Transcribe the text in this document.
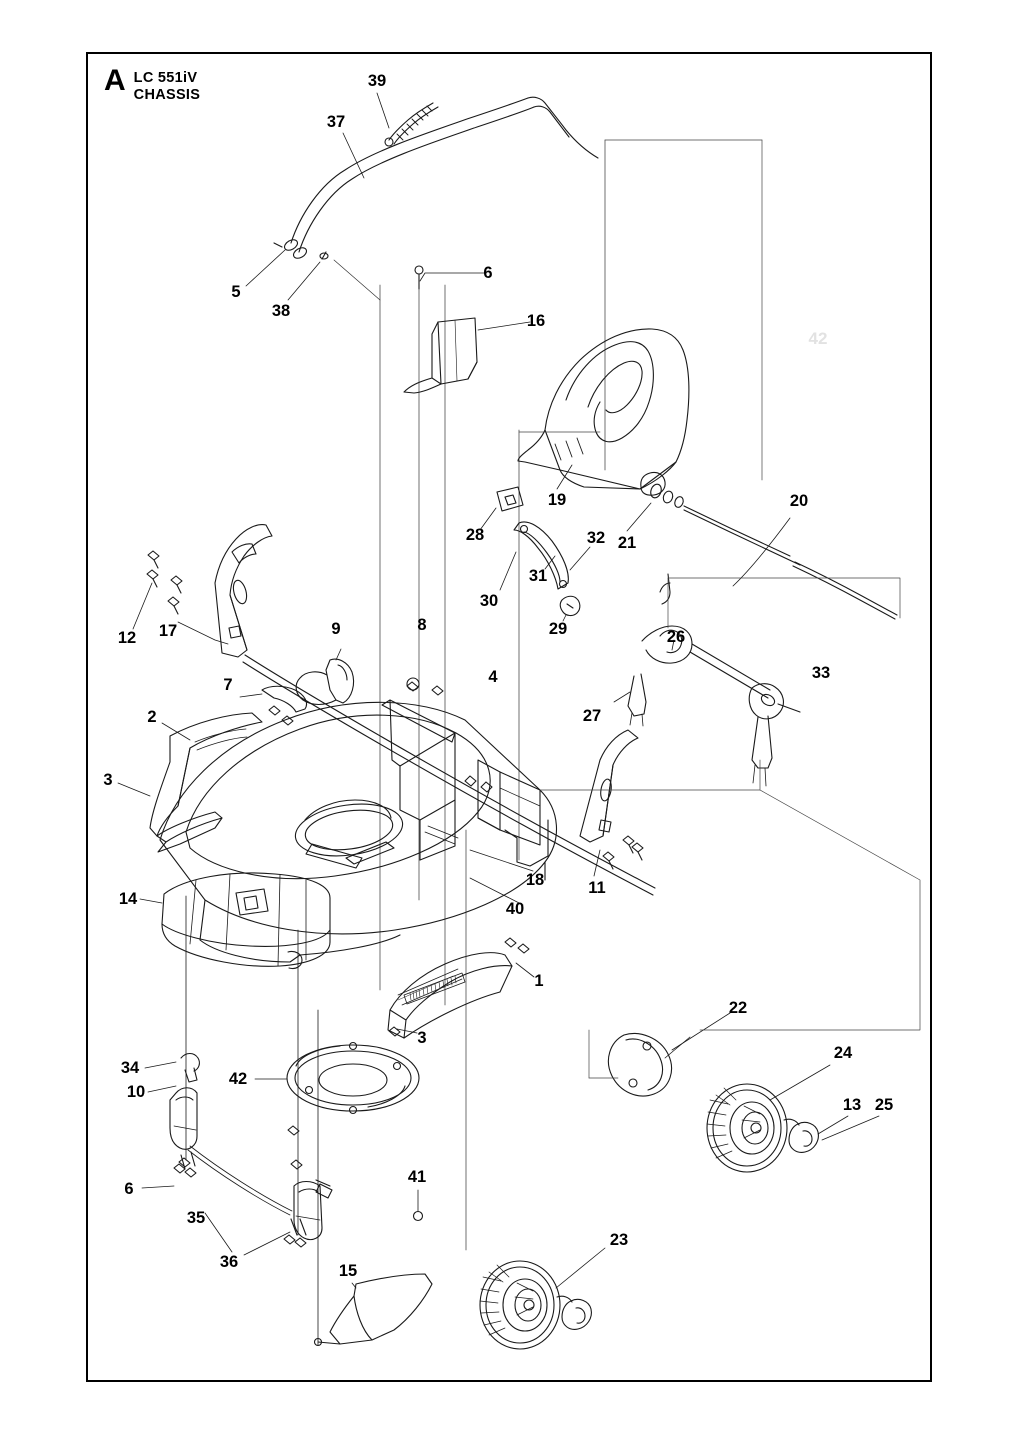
A LC 551iV
CHASSIS
39
37
5
38
6
16
19	20
28	32 21
31
30
29	26
33
27
12 17	9	8
4
7
2
3
18	11
40
14
1
22
3
24
34
42
10
13 25
6
41
35
23
36	15
42
